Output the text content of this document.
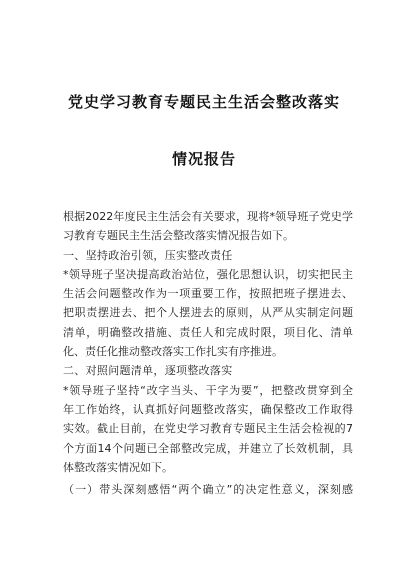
党史学习教育专题民主生活会整改落实
情况报告
根据2022年度民主生活会有关要求，现将*领导班子党史学
习教育专题民主生活会整改落实情况报告如下。
一、坚持政治引领，压实整改责任
*领导班子坚决提高政治站位，强化思想认识，切实把民主
生活会问题整改作为一项重要工作，按照把班子摆进去、
把职责摆进去、把个人摆进去的原则，从严从实制定问题
清单，明确整改措施、责任人和完成时限，项目化、清单
化、责任化推动整改落实工作扎实有序推进。
二、对照问题清单，逐项整改落实
*领导班子坚持“改字当头、干字为要”，把整改贯穿到全
年工作始终，认真抓好问题整改落实，确保整改工作取得
实效。截止目前，在党史学习教育专题民主生活会检视的7
个方面14个问题已全部整改完成，并建立了长效机制，具
体整改落实情况如下。
（一）带头深刻感悟“两个确立”的决定性意义，深刻感
